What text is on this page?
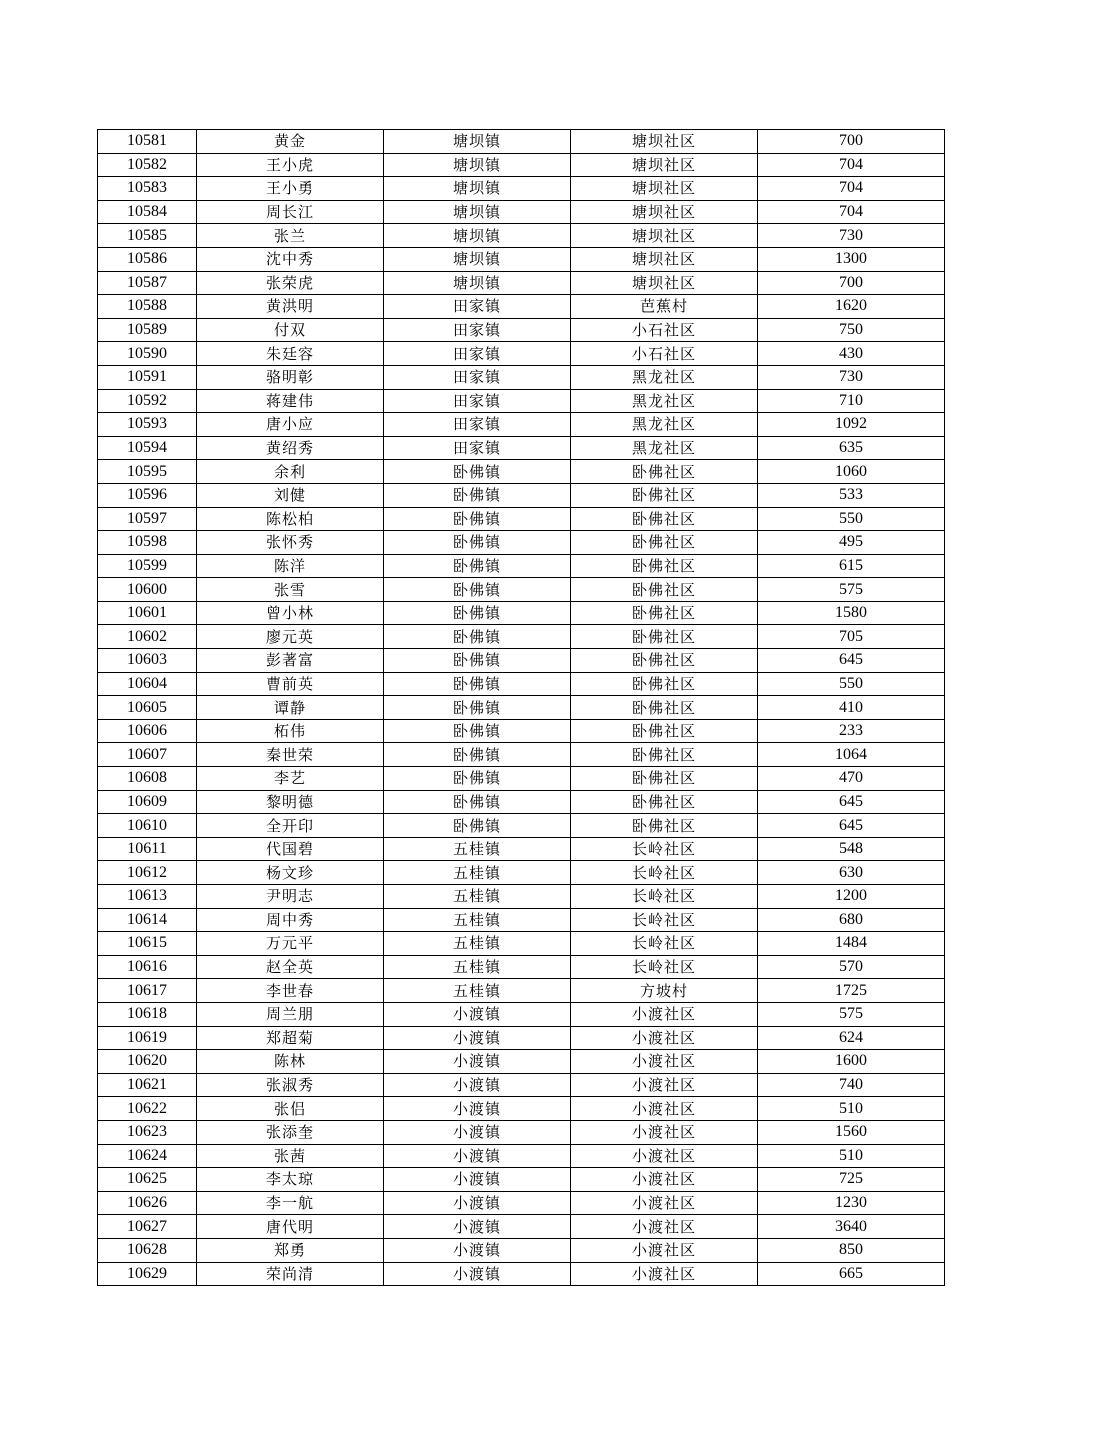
10581	黄金	塘坝镇	塘坝社区	700
10582	王小虎	塘坝镇	塘坝社区	704
10583	王小勇	塘坝镇	塘坝社区	704
10584	周长江	塘坝镇	塘坝社区	704
10585	张兰	塘坝镇	塘坝社区	730
10586	沈中秀	塘坝镇	塘坝社区	1300
10587	张荣虎	塘坝镇	塘坝社区	700
10588	黄洪明	田家镇	芭蕉村	1620
10589	付双	田家镇	小石社区	750
10590	朱廷容	田家镇	小石社区	430
10591	骆明彰	田家镇	黑龙社区	730
10592	蒋建伟	田家镇	黑龙社区	710
10593	唐小应	田家镇	黑龙社区	1092
10594	黄绍秀	田家镇	黑龙社区	635
10595	余利	卧佛镇	卧佛社区	1060
10596	刘健	卧佛镇	卧佛社区	533
10597	陈松柏	卧佛镇	卧佛社区	550
10598	张怀秀	卧佛镇	卧佛社区	495
10599	陈洋	卧佛镇	卧佛社区	615
10600	张雪	卧佛镇	卧佛社区	575
10601	曾小林	卧佛镇	卧佛社区	1580
10602	廖元英	卧佛镇	卧佛社区	705
10603	彭著富	卧佛镇	卧佛社区	645
10604	曹前英	卧佛镇	卧佛社区	550
10605	谭静	卧佛镇	卧佛社区	410
10606	柘伟	卧佛镇	卧佛社区	233
10607	秦世荣	卧佛镇	卧佛社区	1064
10608	李艺	卧佛镇	卧佛社区	470
10609	黎明德	卧佛镇	卧佛社区	645
10610	全开印	卧佛镇	卧佛社区	645
10611	代国碧	五桂镇	长岭社区	548
10612	杨文珍	五桂镇	长岭社区	630
10613	尹明志	五桂镇	长岭社区	1200
10614	周中秀	五桂镇	长岭社区	680
10615	万元平	五桂镇	长岭社区	1484
10616	赵全英	五桂镇	长岭社区	570
10617	李世春	五桂镇	方坡村	1725
10618	周兰朋	小渡镇	小渡社区	575
10619	郑超菊	小渡镇	小渡社区	624
10620	陈林	小渡镇	小渡社区	1600
10621	张淑秀	小渡镇	小渡社区	740
10622	张侣	小渡镇	小渡社区	510
10623	张添奎	小渡镇	小渡社区	1560
10624	张茜	小渡镇	小渡社区	510
10625	李太琼	小渡镇	小渡社区	725
10626	李一航	小渡镇	小渡社区	1230
10627	唐代明	小渡镇	小渡社区	3640
10628	郑勇	小渡镇	小渡社区	850
10629	荣尚清	小渡镇	小渡社区	665
